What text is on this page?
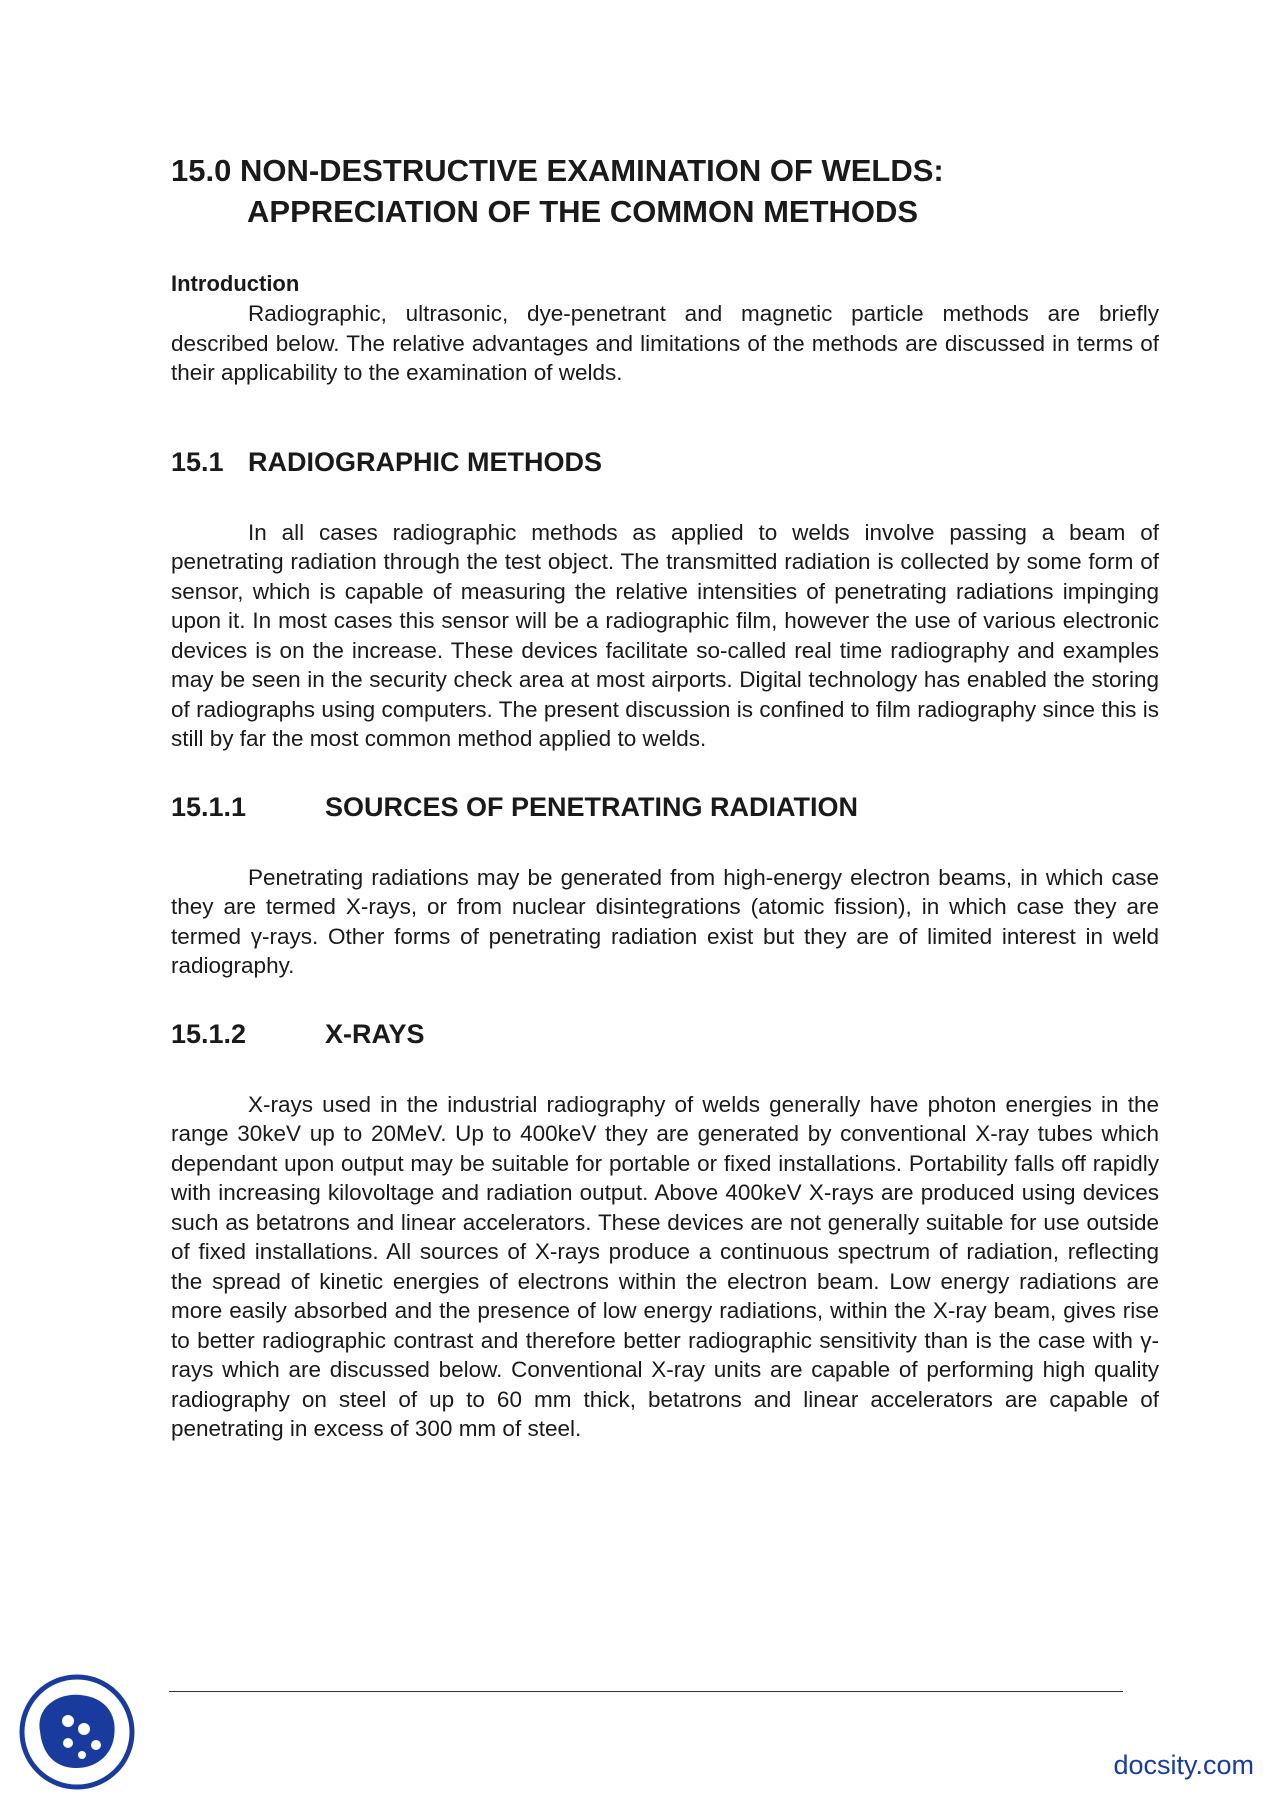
15.0 NON-DESTRUCTIVE EXAMINATION OF WELDS:
APPRECIATION OF THE COMMON METHODS

Introduction

Radiographic, ultrasonic, dye-penetrant and magnetic particle methods are briefly described below. The relative advantages and limitations of the methods are discussed in terms of their applicability to the examination of welds.

15.1 RADIOGRAPHIC METHODS

In all cases radiographic methods as applied to welds involve passing a beam of penetrating radiation through the test object. The transmitted radiation is collected by some form of sensor, which is capable of measuring the relative intensities of penetrating radiations impinging upon it. In most cases this sensor will be a radiographic film, however the use of various electronic devices is on the increase. These devices facilitate so-called real time radiography and examples may be seen in the security check area at most airports. Digital technology has enabled the storing of radiographs using computers. The present discussion is confined to film radiography since this is still by far the most common method applied to welds.

15.1.1	SOURCES OF PENETRATING RADIATION

Penetrating radiations may be generated from high-energy electron beams, in which case they are termed X-rays, or from nuclear disintegrations (atomic fission), in which case they are termed γ-rays. Other forms of penetrating radiation exist but they are of limited interest in weld radiography.

15.1.2	X-RAYS

X-rays used in the industrial radiography of welds generally have photon energies in the range 30keV up to 20MeV. Up to 400keV they are generated by conventional X-ray tubes which dependant upon output may be suitable for portable or fixed installations. Portability falls off rapidly with increasing kilovoltage and radiation output. Above 400keV X-rays are produced using devices such as betatrons and linear accelerators. These devices are not generally suitable for use outside of fixed installations. All sources of X-rays produce a continuous spectrum of radiation, reflecting the spread of kinetic energies of electrons within the electron beam. Low energy radiations are more easily absorbed and the presence of low energy radiations, within the X-ray beam, gives rise to better radiographic contrast and therefore better radiographic sensitivity than is the case with γ-rays which are discussed below. Conventional X-ray units are capable of performing high quality radiography on steel of up to 60 mm thick, betatrons and linear accelerators are capable of penetrating in excess of 300 mm of steel.

docsity.com
